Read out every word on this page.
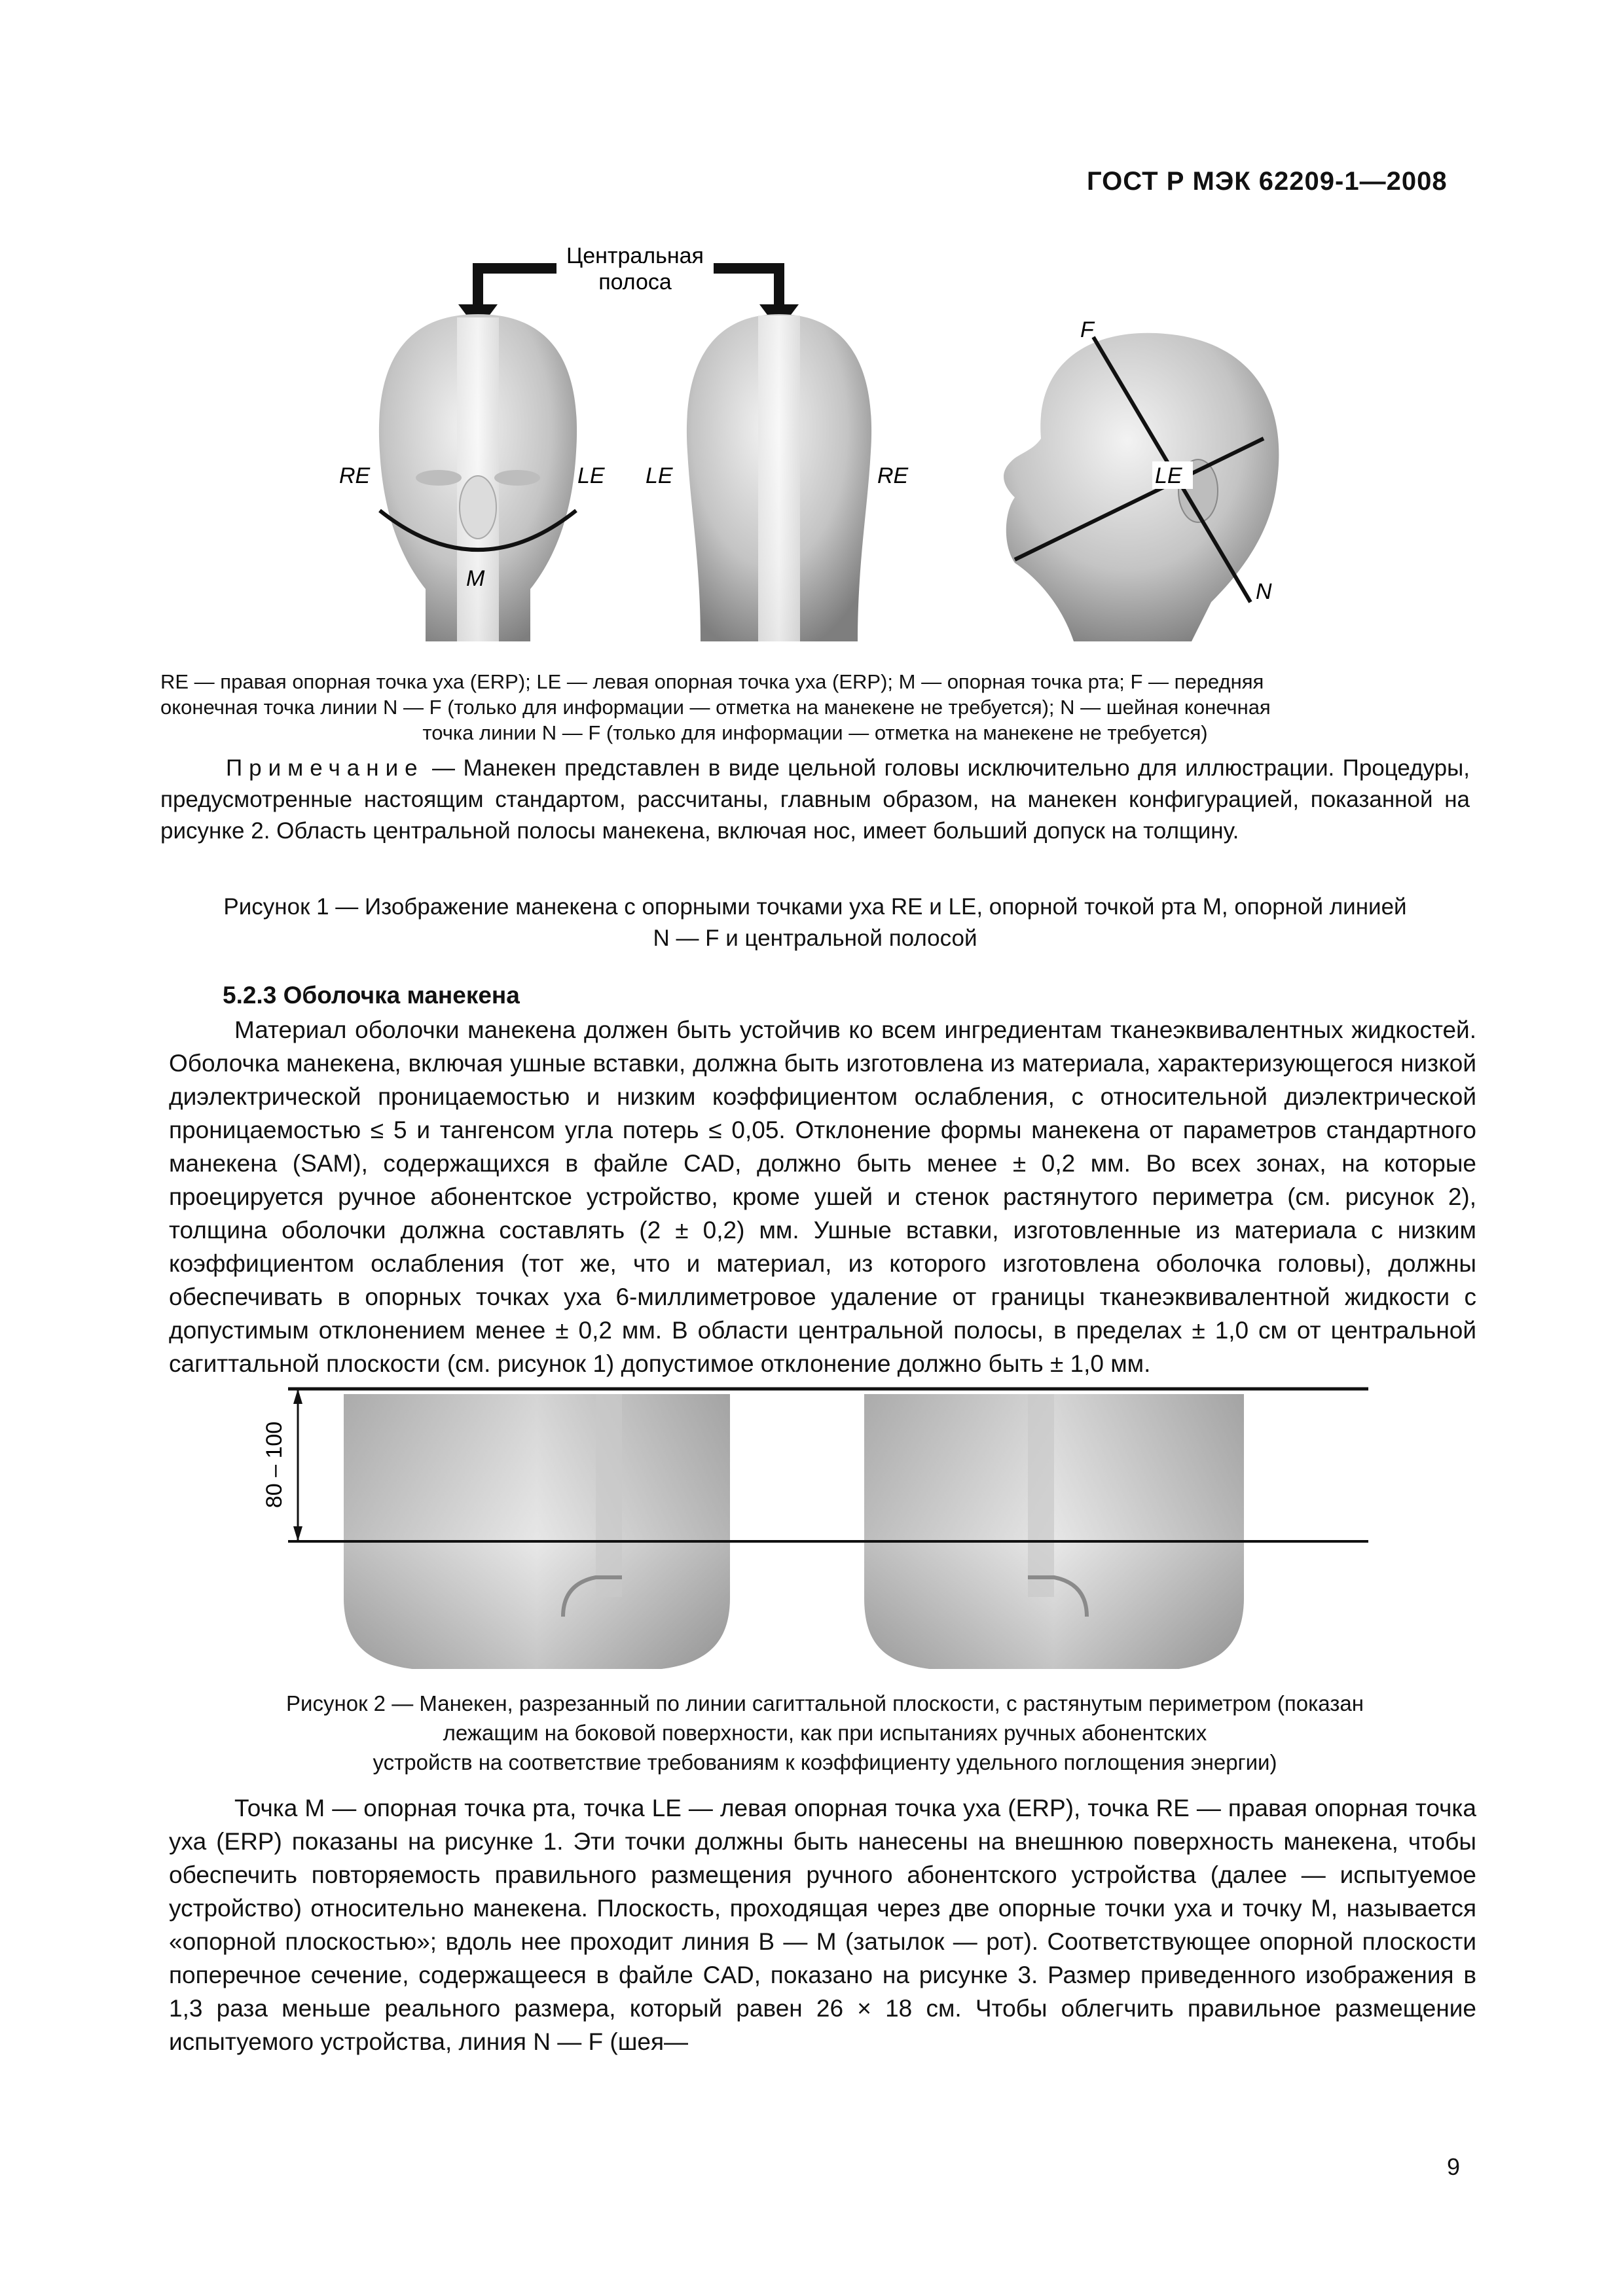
ГОСТ Р МЭК 62209-1—2008
Центральная
полоса
RE	LE
M
LE	RE
F
LE
N

RE — правая опорная точка уха (ERP); LE — левая опорная точка уха (ERP); M — опорная точка рта; F — передняя

оконечная точка линии N — F (только для информации — отметка на манекене не требуется); N — шейная конечная

точка линии N — F (только для информации — отметка на манекене не требуется)

Примечание — Манекен представлен в виде цельной головы исключительно для иллюстрации. Процедуры, предусмотренные настоящим стандартом, рассчитаны, главным образом, на манекен конфигурацией, показанной на рисунке 2. Область центральной полосы манекена, включая нос, имеет больший допуск на толщину.
Рисунок 1 — Изображение манекена с опорными точками уха RE и LE, опорной точкой рта M, опорной линией
N — F и центральной полосой
5.2.3 Оболочка манекена
Материал оболочки манекена должен быть устойчив ко всем ингредиентам тканеэквивалентных жидкостей. Оболочка манекена, включая ушные вставки, должна быть изготовлена из материала, характеризующегося низкой диэлектрической проницаемостью и низким коэффициентом ослабления, с относительной диэлектрической проницаемостью ≤ 5 и тангенсом угла потерь ≤ 0,05. Отклонение формы манекена от параметров стандартного манекена (SAM), содержащихся в файле CAD, должно быть менее ± 0,2 мм. Во всех зонах, на которые проецируется ручное абонентское устройство, кроме ушей и стенок растянутого периметра (см. рисунок 2), толщина оболочки должна составлять (2 ± 0,2) мм. Ушные вставки, изготовленные из материала с низким коэффициентом ослабления (тот же, что и материал, из которого изготовлена оболочка головы), должны обеспечивать в опорных точках уха 6-миллиметровое удаление от границы тканеэквивалентной жидкости с допустимым отклонением менее ± 0,2 мм. В области центральной полосы, в пределах ± 1,0 см от центральной сагиттальной плоскости (см. рисунок 1) допустимое отклонение должно быть ± 1,0 мм.
80 – 100
Рисунок 2 — Манекен, разрезанный по линии сагиттальной плоскости, с растянутым периметром (показан лежащим на боковой поверхности, как при испытаниях ручных абонентских
устройств на соответствие требованиям к коэффициенту удельного поглощения энергии)
Точка M — опорная точка рта, точка LE — левая опорная точка уха (ERP), точка RE — правая опорная точка уха (ERP) показаны на рисунке 1. Эти точки должны быть нанесены на внешнюю поверхность манекена, чтобы обеспечить повторяемость правильного размещения ручного абонентского устройства (далее — испытуемое устройство) относительно манекена. Плоскость, проходящая через две опорные точки уха и точку M, называется «опорной плоскостью»; вдоль нее проходит линия B — M (затылок — рот). Соответствующее опорной плоскости поперечное сечение, содержащееся в файле CAD, показано на рисунке 3. Размер приведенного изображения в 1,3 раза меньше реального размера, который равен 26 × 18 см. Чтобы облегчить правильное размещение испытуемого устройства, линия N — F (шея—
9
